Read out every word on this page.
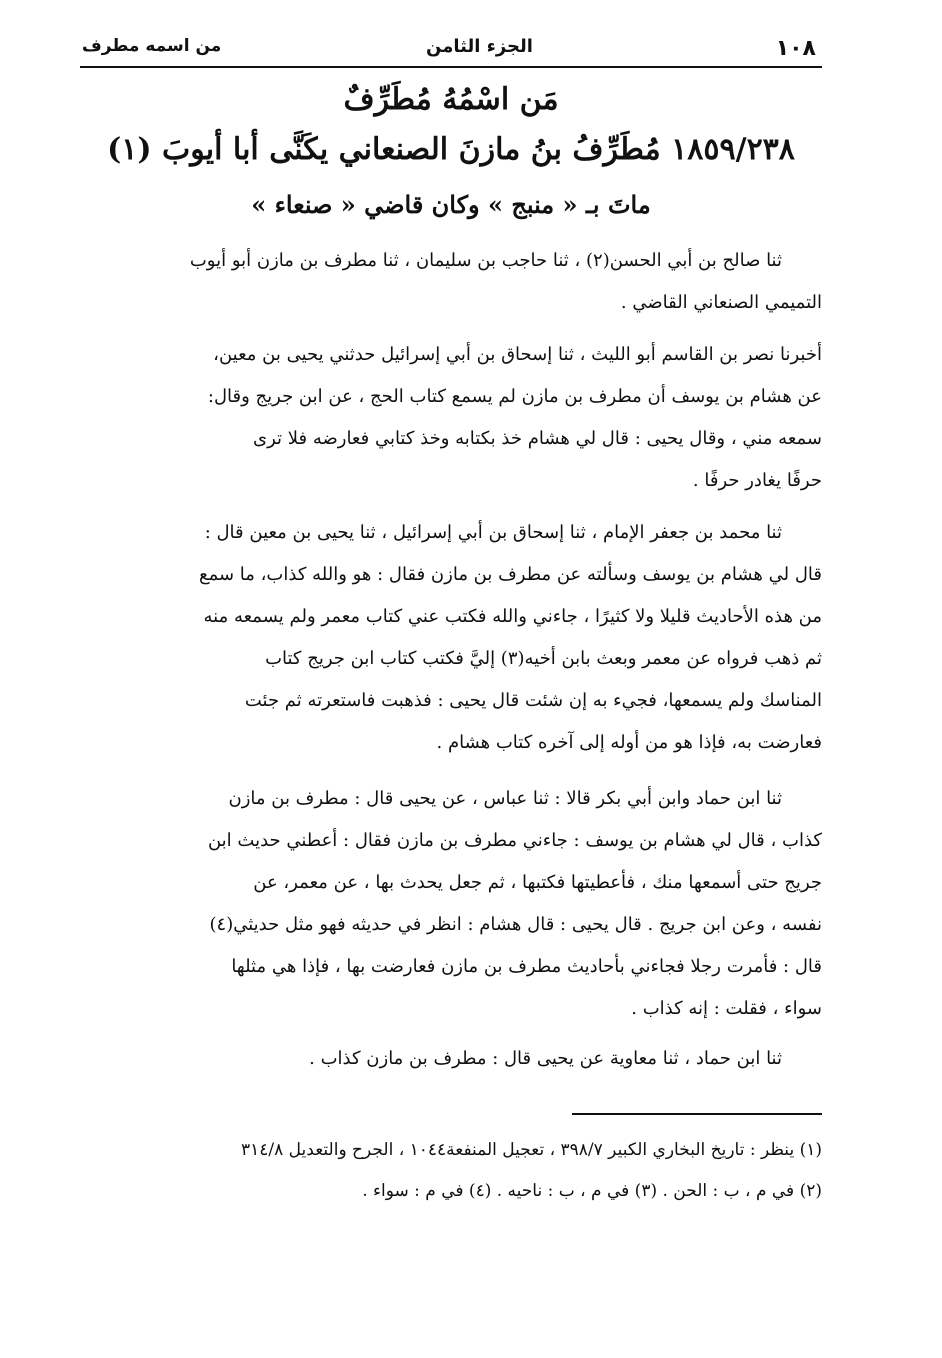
١٠٨
الجزء الثامن
من اسمه مطرف
مَن اسْمُهُ مُطَرِّفٌ
١٨٥٩/٢٣٨ مُطَرِّفُ بنُ مازنَ الصنعاني يكَنَّى أبا أيوبَ (١)
ماتَ بـ « منبج » وكان قاضي « صنعاء »
ثنا صالح بن أبي الحسن(٢) ، ثنا حاجب بن سليمان ، ثنا مطرف بن مازن أبو أيوب
التميمي الصنعاني القاضي .
أخبرنا نصر بن القاسم أبو الليث ، ثنا إسحاق بن أبي إسرائيل حدثني يحيى بن معين،
عن هشام بن يوسف أن مطرف بن مازن لم يسمع كتاب الحج ، عن ابن جريج وقال:
سمعه مني ، وقال يحيى : قال لي هشام خذ بكتابه وخذ كتابي فعارضه فلا ترى
حرفًا يغادر حرفًا .
ثنا محمد بن جعفر الإمام ، ثنا إسحاق بن أبي إسرائيل ، ثنا يحيى بن معين قال :
قال لي هشام بن يوسف وسألته عن مطرف بن مازن فقال : هو والله كذاب، ما سمع
من هذه الأحاديث قليلا ولا كثيرًا ، جاءني والله فكتب عني كتاب معمر ولم يسمعه منه
ثم ذهب فرواه عن معمر وبعث بابن أخيه(٣) إليَّ فكتب كتاب ابن جريج كتاب
المناسك ولم يسمعها، فجيء به إن شئت قال يحيى : فذهبت فاستعرته ثم جئت
فعارضت به، فإذا هو من أوله إلى آخره كتاب هشام .
ثنا ابن حماد وابن أبي بكر قالا : ثنا عباس ، عن يحيى قال : مطرف بن مازن
كذاب ، قال لي هشام بن يوسف : جاءني مطرف بن مازن فقال : أعطني حديث ابن
جريج حتى أسمعها منك ، فأعطيتها فكتبها ، ثم جعل يحدث بها ، عن معمر، عن
نفسه ، وعن ابن جريج . قال يحيى : قال هشام : انظر في حديثه فهو مثل حديثي(٤)
قال : فأمرت رجلا فجاءني بأحاديث مطرف بن مازن فعارضت بها ، فإذا هي مثلها
سواء ، فقلت : إنه كذاب .
ثنا ابن حماد ، ثنا معاوية عن يحيى قال : مطرف بن مازن كذاب .
(١) ينظر : تاريخ البخاري الكبير ٣٩٨/٧ ، تعجيل المنفعة١٠٤٤ ، الجرح والتعديل ٣١٤/٨
(٢) في م ، ب : الحن . (٣) في م ، ب : ناحيه . (٤) في م : سواء .
